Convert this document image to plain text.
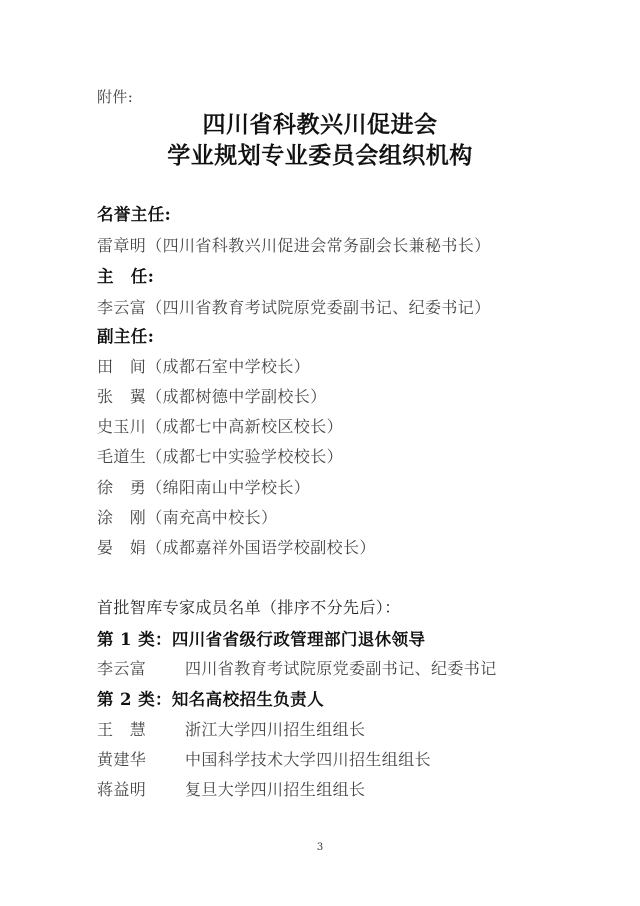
附件:
四川省科教兴川促进会
学业规划专业委员会组织机构
名誉主任:
雷章明（四川省科教兴川促进会常务副会长兼秘书长）
主　任:
李云富（四川省教育考试院原党委副书记、纪委书记）
副主任:
田　间（成都石室中学校长）
张　翼（成都树德中学副校长）
史玉川（成都七中高新校区校长）
毛道生（成都七中实验学校校长）
徐　勇（绵阳南山中学校长）
涂　刚（南充高中校长）
晏　娟（成都嘉祥外国语学校副校长）
首批智库专家成员名单（排序不分先后）：
第 1 类：四川省省级行政管理部门退休领导
李云富 四川省教育考试院原党委副书记、纪委书记
第 2 类：知名高校招生负责人
王　慧 浙江大学四川招生组组长
黄建华 中国科学技术大学四川招生组组长
蒋益明 复旦大学四川招生组组长
3
